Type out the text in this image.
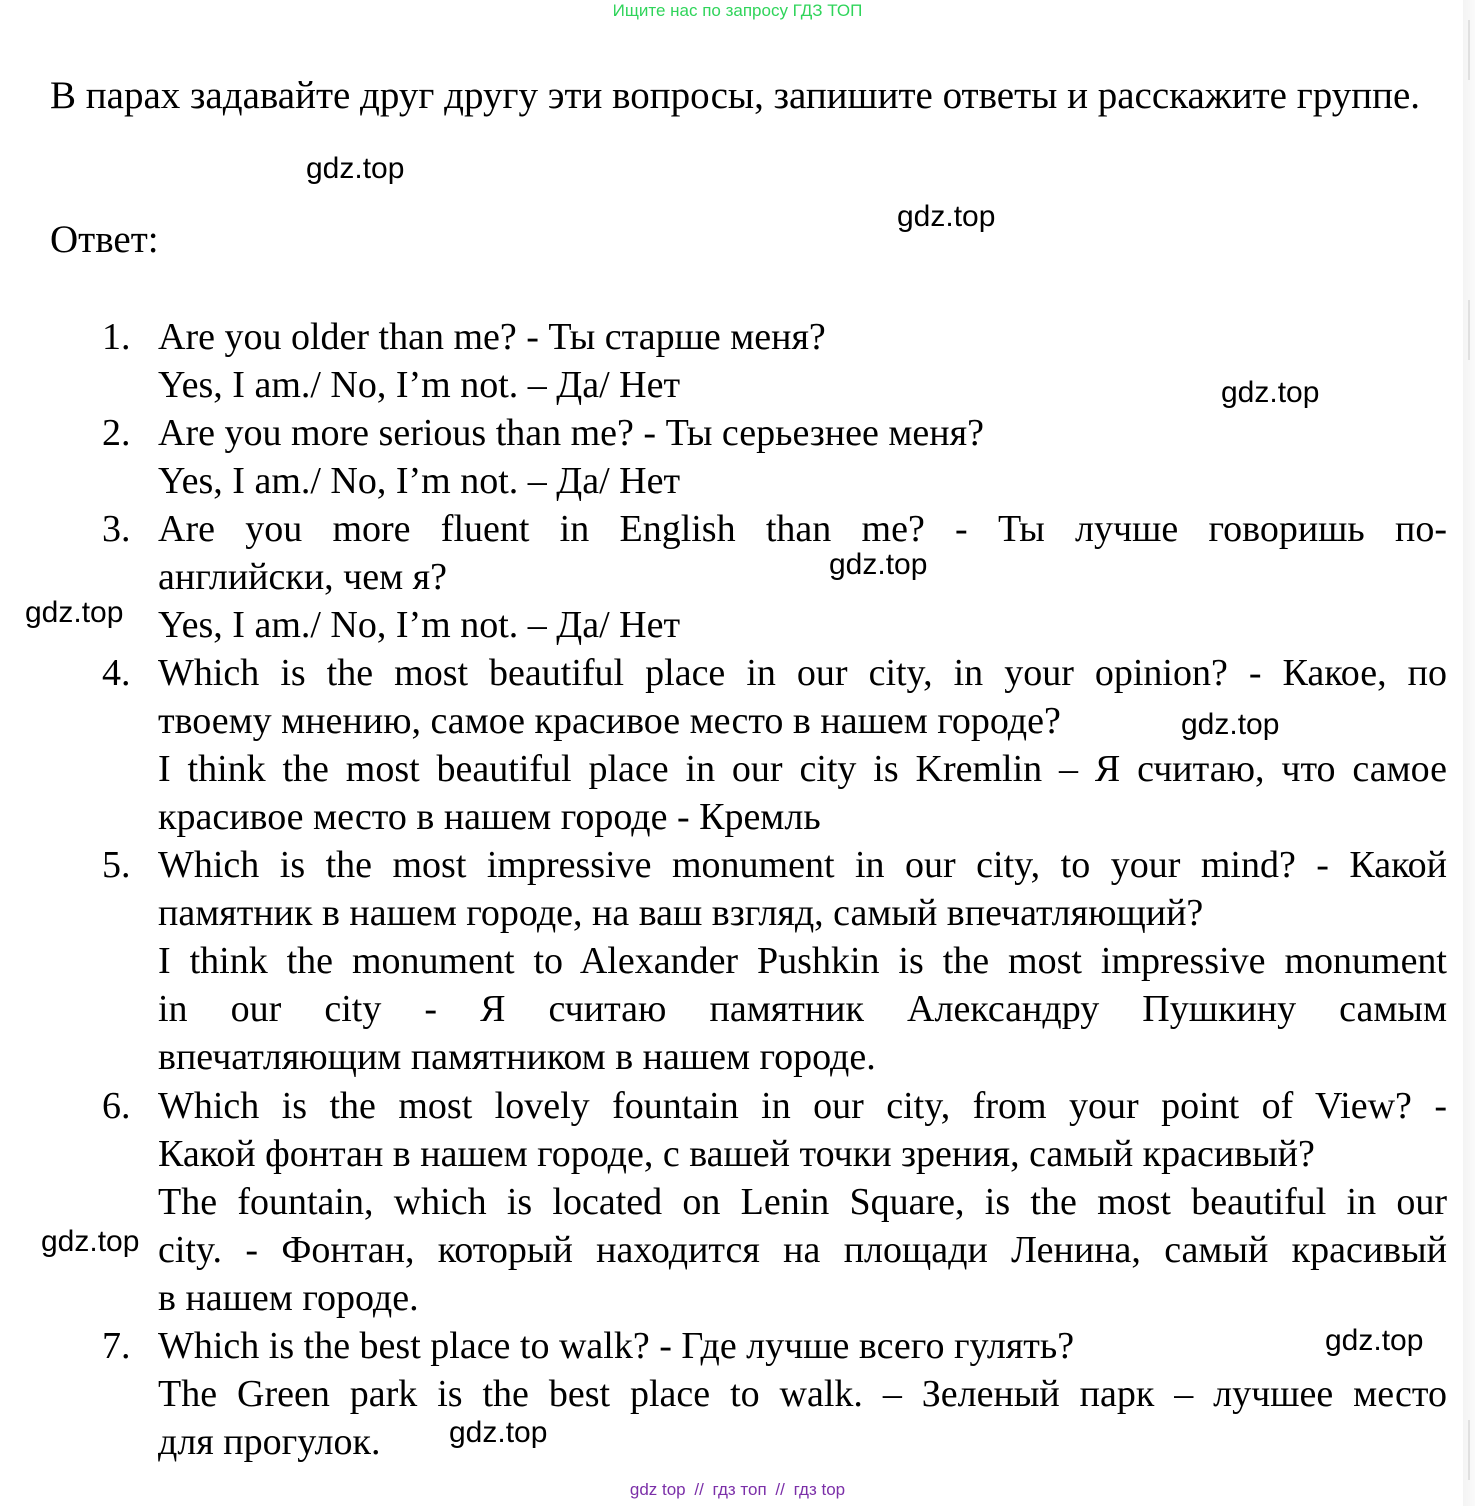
Ищите нас по запросу ГДЗ ТОП

В парах задавайте друг другу эти вопросы, запишите ответы и расскажите группе.

Ответ:

1. Are you older than me? - Ты старше меня?
Yes, I am./ No, I’m not. – Да/ Нет
2. Are you more serious than me? - Ты серьезнее меня?
Yes, I am./ No, I’m not. – Да/ Нет
3. Are you more fluent in English than me? - Ты лучше говоришь по-
английски, чем я?
Yes, I am./ No, I’m not. – Да/ Нет
4. Which is the most beautiful place in our city, in your opinion? - Какое, по
твоему мнению, самое красивое место в нашем городе?
I think the most beautiful place in our city is Kremlin – Я считаю, что самое
красивое место в нашем городе - Кремль
5. Which is the most impressive monument in our city, to your mind? - Какой
памятник в нашем городе, на ваш взгляд, самый впечатляющий?
I think the monument to Alexander Pushkin is the most impressive monument
in our city - Я считаю памятник Александру Пушкину самым
впечатляющим памятником в нашем городе.
6. Which is the most lovely fountain in our city, from your point of View? -
Какой фонтан в нашем городе, с вашей точки зрения, самый красивый?
The fountain, which is located on Lenin Square, is the most beautiful in our
city. - Фонтан, который находится на площади Ленина, самый красивый
в нашем городе.
7. Which is the best place to walk? - Где лучше всего гулять?
The Green park is the best place to walk. – Зеленый парк – лучшее место
для прогулок.
gdz.top
gdz.top
gdz.top
gdz.top
gdz.top
gdz.top
gdz.top
gdz.top
gdz.top
gdz top // гдз топ // гдз top
